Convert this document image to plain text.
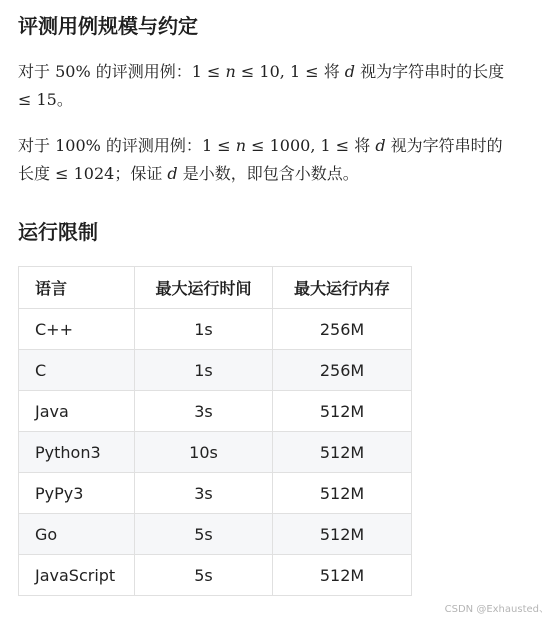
评测用例规模与约定

对于 50% 的评测用例：1 ≤ n ≤ 10, 1 ≤ 将 d 视为字符串时的长度
≤ 15。

对于 100% 的评测用例：1 ≤ n ≤ 1000, 1 ≤ 将 d 视为字符串时的
长度 ≤ 1024；保证 d 是小数，即包含小数点。

运行限制
语言	最大运行时间	最大运行内存
C++	1s	256M
C	1s	256M
Java	3s	512M
Python3	10s	512M
PyPy3	3s	512M
Go	5s	512M
JavaScript	5s	512M
CSDN @Exhausted、
